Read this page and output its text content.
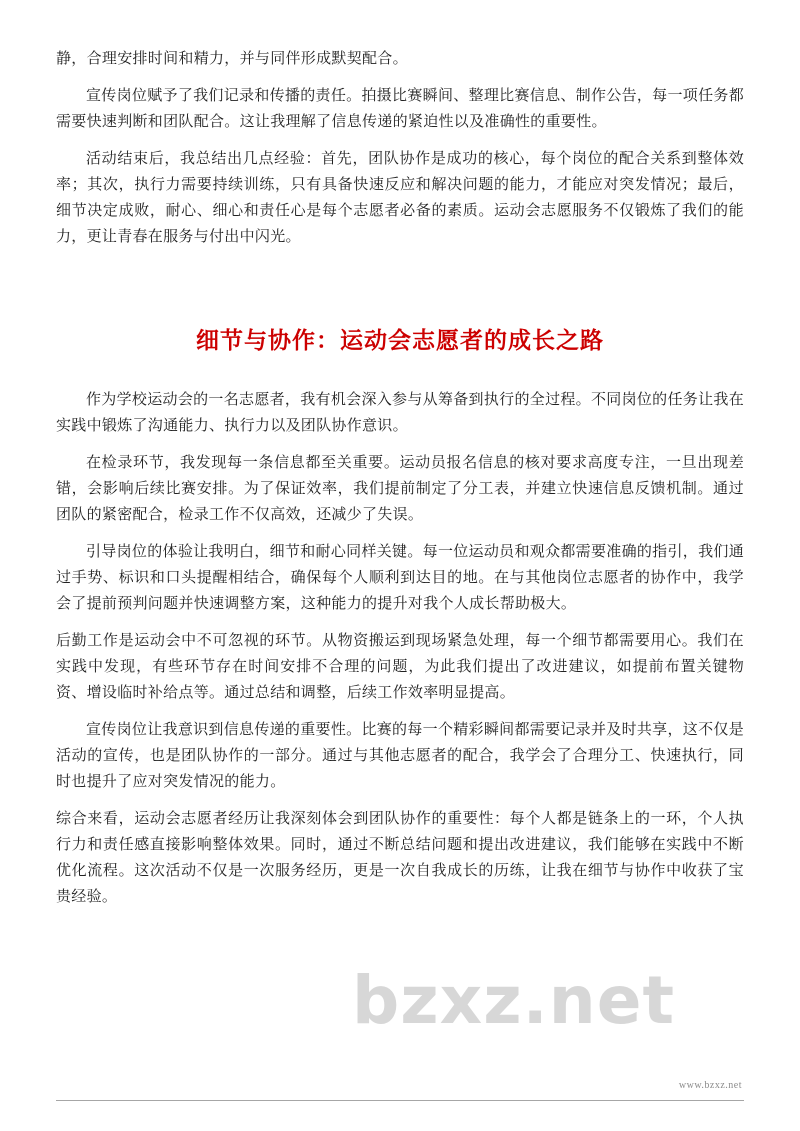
静，合理安排时间和精力，并与同伴形成默契配合。

宣传岗位赋予了我们记录和传播的责任。拍摄比赛瞬间、整理比赛信息、制作公告，每一项任务都需要快速判断和团队配合。这让我理解了信息传递的紧迫性以及准确性的重要性。

活动结束后，我总结出几点经验：首先，团队协作是成功的核心，每个岗位的配合关系到整体效率；其次，执行力需要持续训练，只有具备快速反应和解决问题的能力，才能应对突发情况；最后，细节决定成败，耐心、细心和责任心是每个志愿者必备的素质。运动会志愿服务不仅锻炼了我们的能力，更让青春在服务与付出中闪光。

细节与协作：运动会志愿者的成长之路

作为学校运动会的一名志愿者，我有机会深入参与从筹备到执行的全过程。不同岗位的任务让我在实践中锻炼了沟通能力、执行力以及团队协作意识。

在检录环节，我发现每一条信息都至关重要。运动员报名信息的核对要求高度专注，一旦出现差错，会影响后续比赛安排。为了保证效率，我们提前制定了分工表，并建立快速信息反馈机制。通过团队的紧密配合，检录工作不仅高效，还减少了失误。

引导岗位的体验让我明白，细节和耐心同样关键。每一位运动员和观众都需要准确的指引，我们通过手势、标识和口头提醒相结合，确保每个人顺利到达目的地。在与其他岗位志愿者的协作中，我学会了提前预判问题并快速调整方案，这种能力的提升对我个人成长帮助极大。

后勤工作是运动会中不可忽视的环节。从物资搬运到现场紧急处理，每一个细节都需要用心。我们在实践中发现，有些环节存在时间安排不合理的问题，为此我们提出了改进建议，如提前布置关键物资、增设临时补给点等。通过总结和调整，后续工作效率明显提高。

宣传岗位让我意识到信息传递的重要性。比赛的每一个精彩瞬间都需要记录并及时共享，这不仅是活动的宣传，也是团队协作的一部分。通过与其他志愿者的配合，我学会了合理分工、快速执行，同时也提升了应对突发情况的能力。

综合来看，运动会志愿者经历让我深刻体会到团队协作的重要性：每个人都是链条上的一环，个人执行力和责任感直接影响整体效果。同时，通过不断总结问题和提出改进建议，我们能够在实践中不断优化流程。这次活动不仅是一次服务经历，更是一次自我成长的历练，让我在细节与协作中收获了宝贵经验。

bzxz.net
www.bzxz.net
